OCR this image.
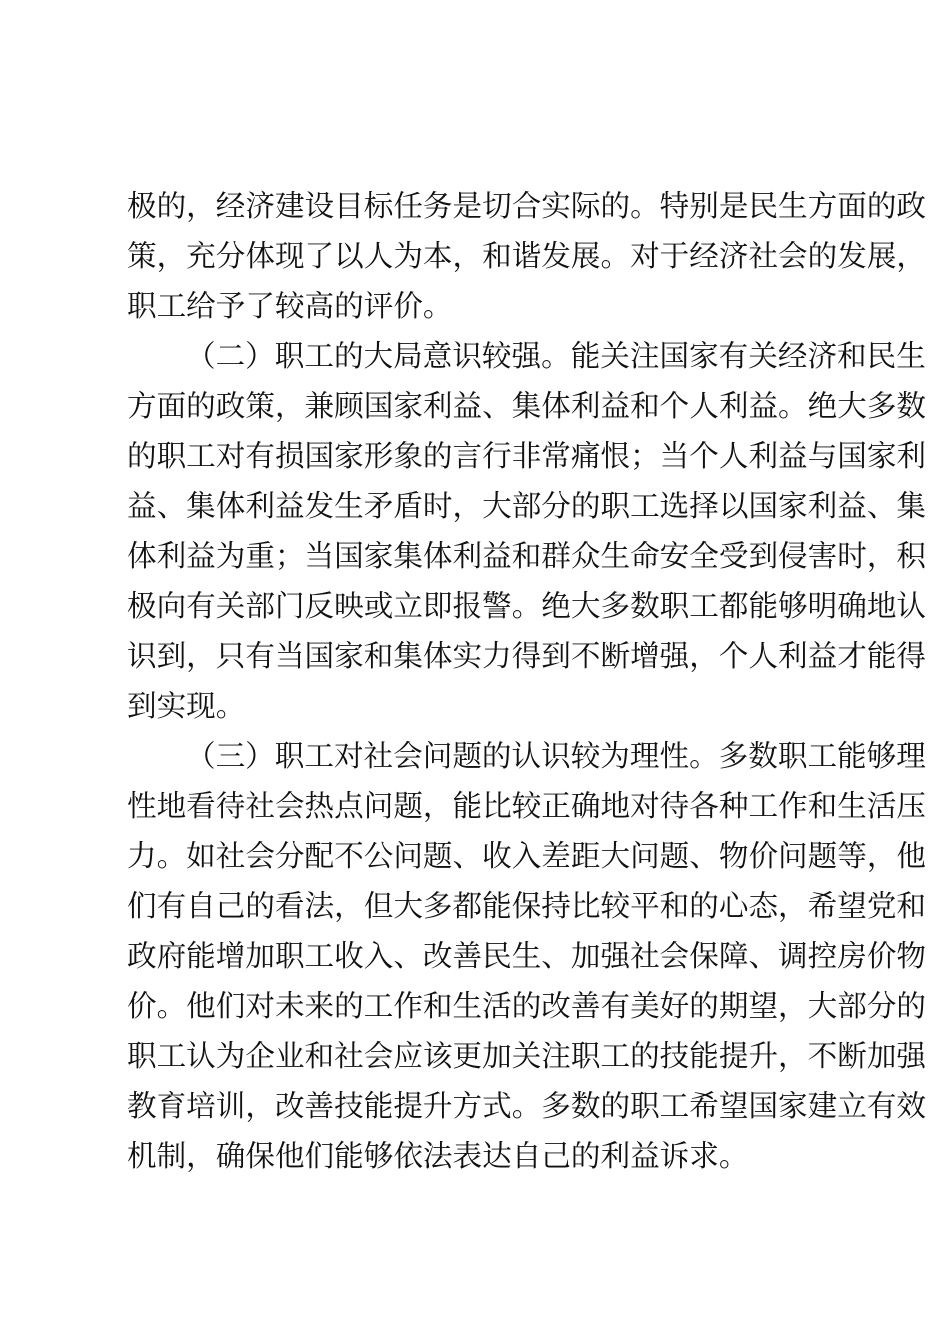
极的，经济建设目标任务是切合实际的。特别是民生方面的政
策，充分体现了以人为本，和谐发展。对于经济社会的发展，
职工给予了较高的评价。
（二）职工的大局意识较强。能关注国家有关经济和民生
方面的政策，兼顾国家利益、集体利益和个人利益。绝大多数
的职工对有损国家形象的言行非常痛恨；当个人利益与国家利
益、集体利益发生矛盾时，大部分的职工选择以国家利益、集
体利益为重；当国家集体利益和群众生命安全受到侵害时，积
极向有关部门反映或立即报警。绝大多数职工都能够明确地认
识到，只有当国家和集体实力得到不断增强，个人利益才能得
到实现。
（三）职工对社会问题的认识较为理性。多数职工能够理
性地看待社会热点问题，能比较正确地对待各种工作和生活压
力。如社会分配不公问题、收入差距大问题、物价问题等，他
们有自己的看法，但大多都能保持比较平和的心态，希望党和
政府能增加职工收入、改善民生、加强社会保障、调控房价物
价。他们对未来的工作和生活的改善有美好的期望，大部分的
职工认为企业和社会应该更加关注职工的技能提升，不断加强
教育培训，改善技能提升方式。多数的职工希望国家建立有效
机制，确保他们能够依法表达自己的利益诉求。
